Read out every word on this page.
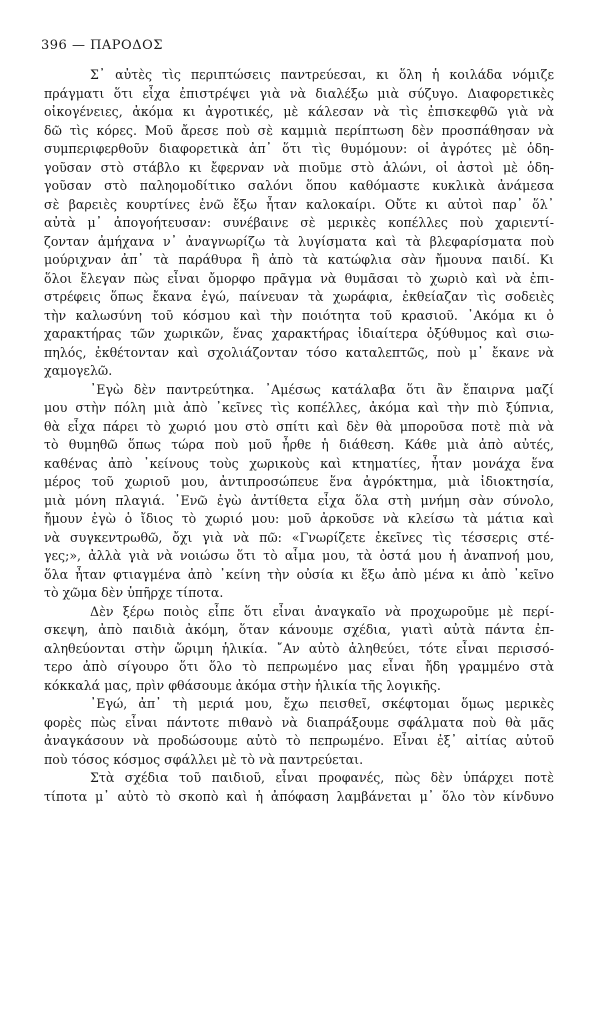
396 — ΠΑΡΟΔΟΣ
Σ᾽ αὐτὲς τὶς περιπτώσεις παντρεύεσαι, κι ὅλη ἡ κοιλάδα νόμιζε
πράγματι ὅτι εἶχα ἐπιστρέψει γιὰ νὰ διαλέξω μιὰ σύζυγο. Διαφορετικὲς
οἰκογένειες, ἀκόμα κι ἀγροτικές, μὲ κάλεσαν νὰ τὶς ἐπισκεφθῶ γιὰ νὰ
δῶ τὶς κόρες. Μοῦ ἄρεσε ποὺ σὲ καμμιὰ περίπτωση δὲν προσπάθησαν νὰ
συμπεριφερθοῦν διαφορετικὰ ἀπ᾽ ὅτι τὶς θυμόμουν: οἱ ἀγρότες μὲ ὁδη-
γοῦσαν στὸ στάβλο κι ἔφερναν νὰ πιοῦμε στὸ ἁλώνι, οἱ ἀστοὶ μὲ ὁδη-
γοῦσαν στὸ παληομοδίτικο σαλόνι ὅπου καθόμαστε κυκλικὰ ἀνάμεσα
σὲ βαρειὲς κουρτίνες ἐνῶ ἔξω ἦταν καλοκαίρι. Οὔτε κι αὐτοὶ παρ᾽ ὅλ᾽
αὐτὰ μ᾽ ἀπογοήτευσαν: συνέβαινε σὲ μερικὲς κοπέλλες ποὺ χαριεντί-
ζονταν ἀμήχανα ν᾽ ἀναγνωρίζω τὰ λυγίσματα καὶ τὰ βλεφαρίσματα ποὺ
μούριχναν ἀπ᾽ τὰ παράθυρα ἢ ἀπὸ τὰ κατώφλια σὰν ἤμουνα παιδί. Κι
ὅλοι ἔλεγαν πὼς εἶναι ὄμορφο πρᾶγμα νὰ θυμᾶσαι τὸ χωριὸ καὶ νὰ ἐπι-
στρέφεις ὅπως ἔκανα ἐγώ, παίνευαν τὰ χωράφια, ἐκθείαζαν τὶς σοδειὲς
τὴν καλωσύνη τοῦ κόσμου καὶ τὴν ποιότητα τοῦ κρασιοῦ. ᾽Ακόμα κι ὁ
χαρακτήρας τῶν χωρικῶν, ἕνας χαρακτήρας ἰδιαίτερα ὀξύθυμος καὶ σιω-
πηλός, ἐκθέτονταν καὶ σχολιάζονταν τόσο καταλεπτῶς, ποὺ μ᾽ ἔκανε νὰ
χαμογελῶ.
᾽Εγὼ δὲν παντρεύτηκα. ᾽Αμέσως κατάλαβα ὅτι ἂν ἔπαιρνα μαζί
μου στὴν πόλη μιὰ ἀπὸ ᾽κεῖνες τὶς κοπέλλες, ἀκόμα καὶ τὴν πιὸ ξύπνια,
θὰ εἶχα πάρει τὸ χωριό μου στὸ σπίτι καὶ δὲν θὰ μποροῦσα ποτὲ πιὰ νὰ
τὸ θυμηθῶ ὅπως τώρα ποὺ μοῦ ἦρθε ἡ διάθεση. Κάθε μιὰ ἀπὸ αὐτές,
καθένας ἀπὸ ᾽κείνους τοὺς χωρικοὺς καὶ κτηματίες, ἦταν μονάχα ἕνα
μέρος τοῦ χωριοῦ μου, ἀντιπροσώπευε ἕνα ἀγρόκτημα, μιὰ ἰδιοκτησία,
μιὰ μόνη πλαγιά. ᾽Ενῶ ἐγὼ ἀντίθετα εἶχα ὅλα στὴ μνήμη σὰν σύνολο,
ἤμουν ἐγὼ ὁ ἴδιος τὸ χωριό μου: μοῦ ἀρκοῦσε νὰ κλείσω τὰ μάτια καὶ
νὰ συγκεντρωθῶ, ὄχι γιὰ νὰ πῶ: «Γνωρίζετε ἐκεῖνες τὶς τέσσερις στέ-
γες;», ἀλλὰ γιὰ νὰ νοιώσω ὅτι τὸ αἷμα μου, τὰ ὀστά μου ἡ ἀναπνοή μου,
ὅλα ἦταν φτιαγμένα ἀπὸ ᾽κείνη τὴν οὐσία κι ἔξω ἀπὸ μένα κι ἀπὸ ᾽κεῖνο
τὸ χῶμα δὲν ὑπῆρχε τίποτα.
Δὲν ξέρω ποιὸς εἶπε ὅτι εἶναι ἀναγκαῖο νὰ προχωροῦμε μὲ περί-
σκεψη, ἀπὸ παιδιὰ ἀκόμη, ὅταν κάνουμε σχέδια, γιατὶ αὐτὰ πάντα ἐπ-
αληθεύονται στὴν ὥριμη ἡλικία. ῎Αν αὐτὸ ἀληθεύει, τότε εἶναι περισσό-
τερο ἀπὸ σίγουρο ὅτι ὅλο τὸ πεπρωμένο μας εἶναι ἤδη γραμμένο στὰ
κόκκαλά μας, πρὶν φθάσουμε ἀκόμα στὴν ἡλικία τῆς λογικῆς.
᾽Εγώ, ἀπ᾽ τὴ μεριά μου, ἔχω πεισθεῖ, σκέφτομαι ὅμως μερικὲς
φορὲς πὼς εἶναι πάντοτε πιθανὸ νὰ διαπράξουμε σφάλματα ποὺ θὰ μᾶς
ἀναγκάσουν νὰ προδώσουμε αὐτὸ τὸ πεπρωμένο. Εἶναι ἐξ᾽ αἰτίας αὐτοῦ
ποὺ τόσος κόσμος σφάλλει μὲ τὸ νὰ παντρεύεται.
Στὰ σχέδια τοῦ παιδιοῦ, εἶναι προφανές, πὼς δὲν ὑπάρχει ποτὲ
τίποτα μ᾽ αὐτὸ τὸ σκοπὸ καὶ ἡ ἀπόφαση λαμβάνεται μ᾽ ὅλο τὸν κίνδυνο
